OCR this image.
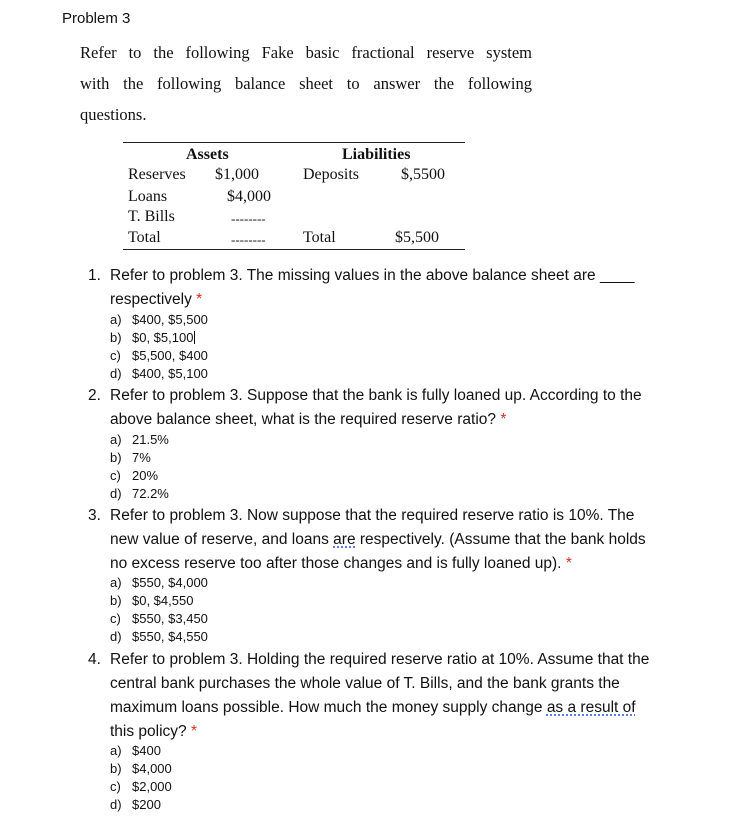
Problem 3
Refer to the following Fake basic fractional reserve system
with the following balance sheet to answer the following
questions.
Assets	Liabilities
Reserves $1,000	Deposits	$,5500
Loans	$4,000
T. Bills	--------
Total	-------- Total	$5,500
1. Refer to problem 3. The missing values in the above balance sheet are ____
respectively *
a) $400, $5,500
b) $0, $5,100
c) $5,500, $400
d) $400, $5,100
2. Refer to problem 3. Suppose that the bank is fully loaned up. According to the
above balance sheet, what is the required reserve ratio? *
a) 21.5%
b) 7%
c) 20%
d) 72.2%
3. Refer to problem 3. Now suppose that the required reserve ratio is 10%. The
new value of reserve, and loans are respectively. (Assume that the bank holds
no excess reserve too after those changes and is fully loaned up). *
a) $550, $4,000
b) $0, $4,550
c) $550, $3,450
d) $550, $4,550
4. Refer to problem 3. Holding the required reserve ratio at 10%. Assume that the
central bank purchases the whole value of T. Bills, and the bank grants the
maximum loans possible. How much the money supply change as a result of
this policy? *
a) $400
b) $4,000
c) $2,000
d) $200
